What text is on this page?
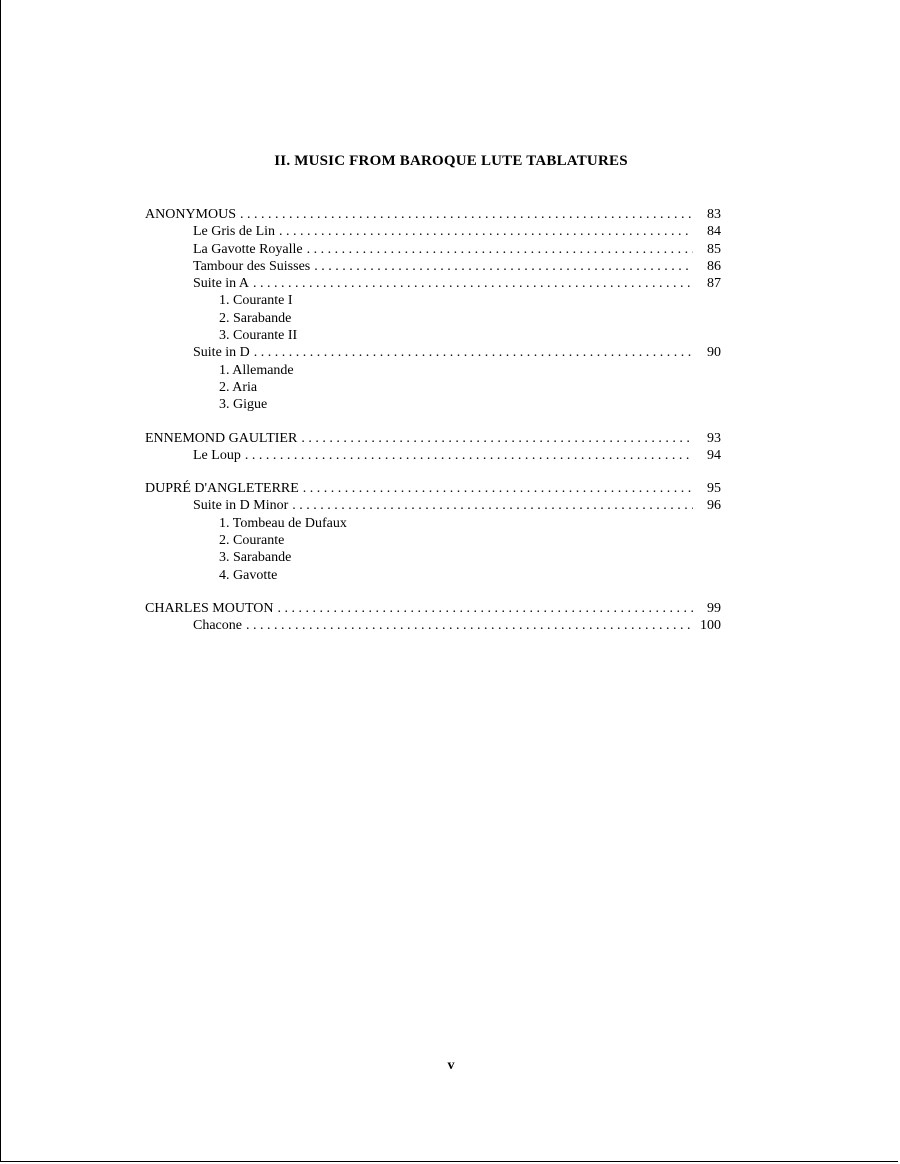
II. MUSIC FROM BAROQUE LUTE TABLATURES
ANONYMOUS . . .	83
Le Gris de Lin . . .	84
La Gavotte Royalle . . .	85
Tambour des Suisses . . .	86
Suite in A . . .	87
1. Courante I
2. Sarabande
3. Courante II
Suite in D . . .	90
1. Allemande
2. Aria
3. Gigue
ENNEMOND GAULTIER . . .	93
Le Loup . . .	94
DUPRÉ D'ANGLETERRE . . .	95
Suite in D Minor . . .	96
1. Tombeau de Dufaux
2. Courante
3. Sarabande
4. Gavotte
CHARLES MOUTON . . .	99
Chacone . . .	100
v
